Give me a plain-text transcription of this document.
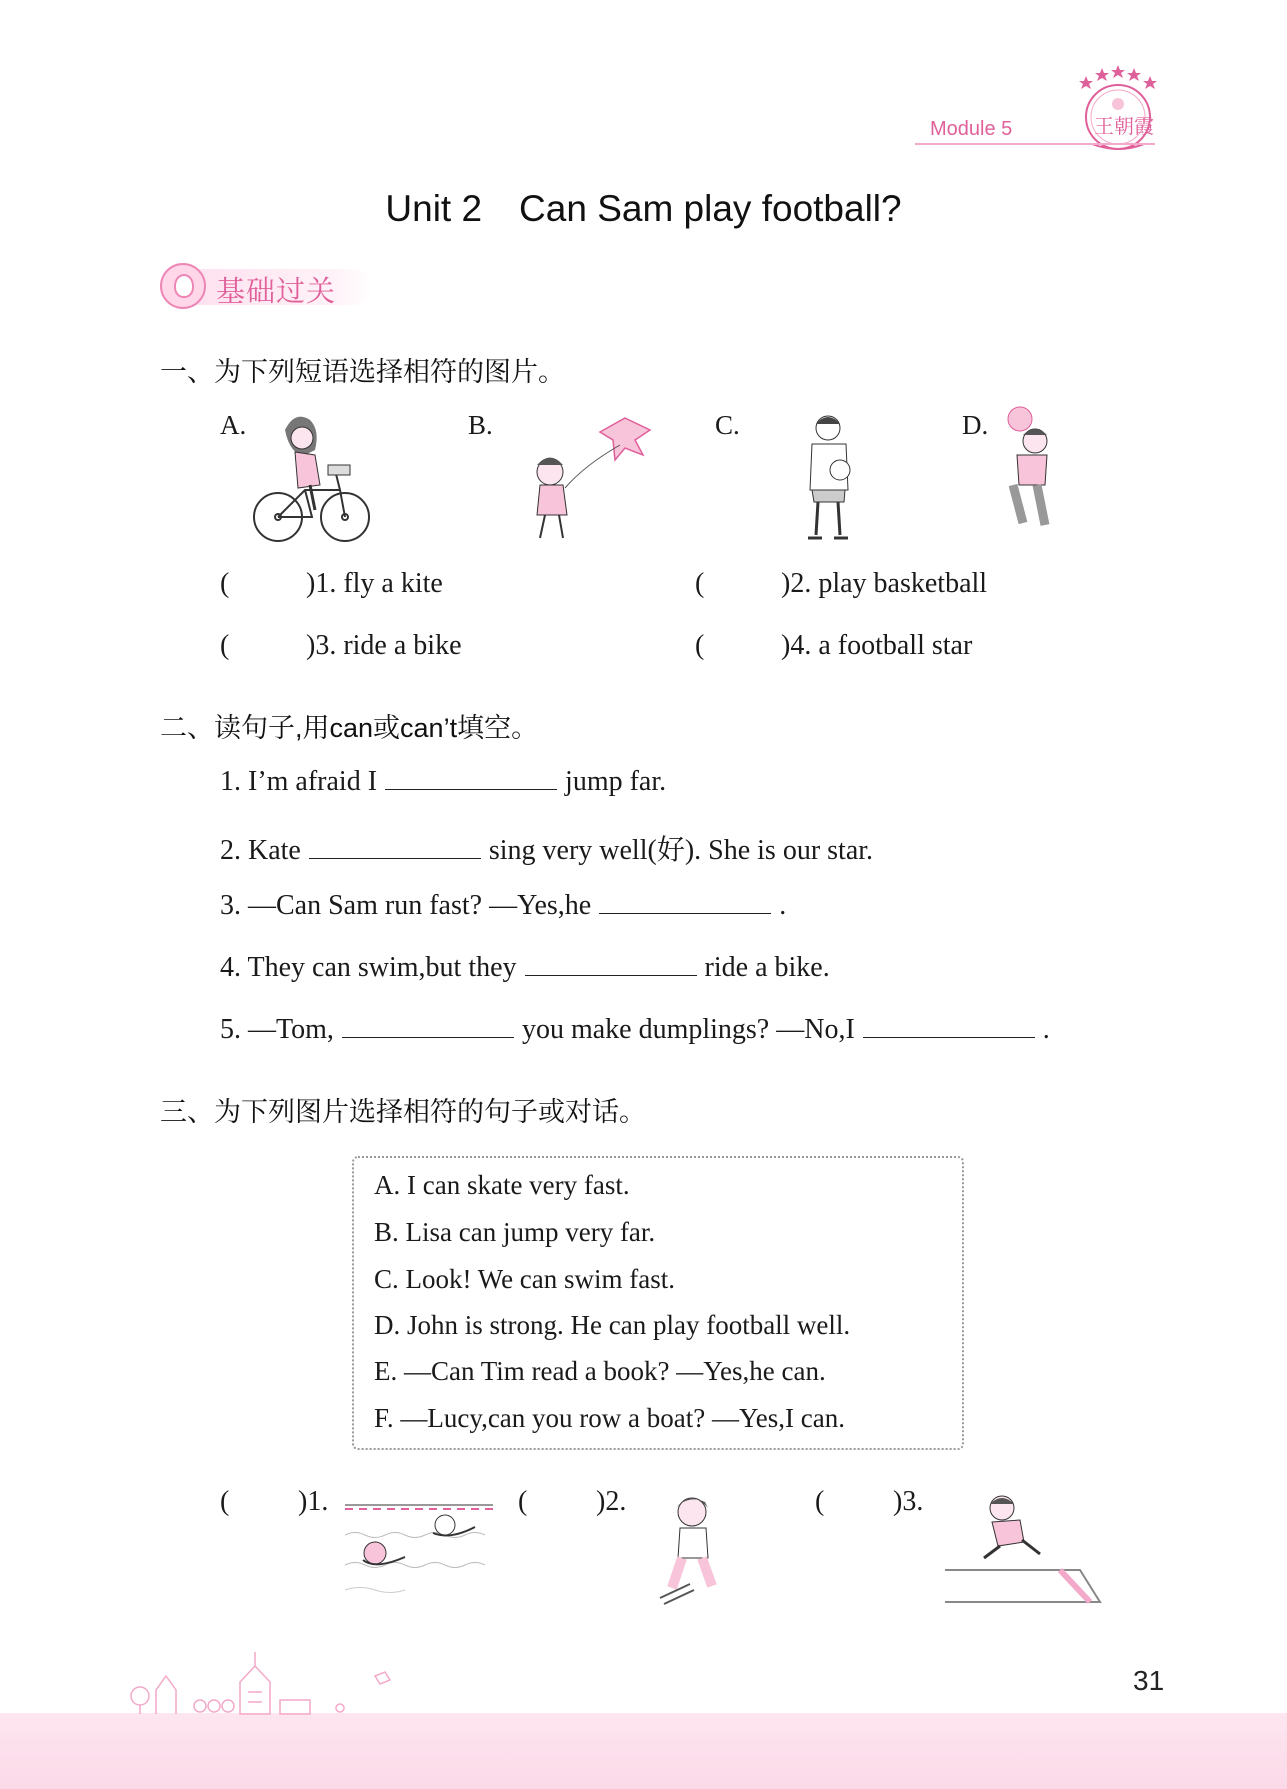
王朝霞
Module 5
Unit 2　Can Sam play football?
基础过关
一、为下列短语选择相符的图片。
A.	B.	C.	D.
(	)1. fly a kite	(	)2. play basketball
(	)3. ride a bike	(	)4. a football star
二、读句子,用can或can’t填空。
1. I’m afraid I	jump far.
2. Kate	sing very well(好). She is our star.
3. —Can Sam run fast? —Yes,he	.
4. They can swim,but they	ride a bike.
5. —Tom,	you make dumplings? —No,I	.
三、为下列图片选择相符的句子或对话。
A. I can skate very fast.
B. Lisa can jump very far.
C. Look! We can swim fast.
D. John is strong. He can play football well.
E. —Can Tim read a book? —Yes,he can.
F. —Lucy,can you row a boat? —Yes,I can.
( )1.	( )2.	( )3.
31
